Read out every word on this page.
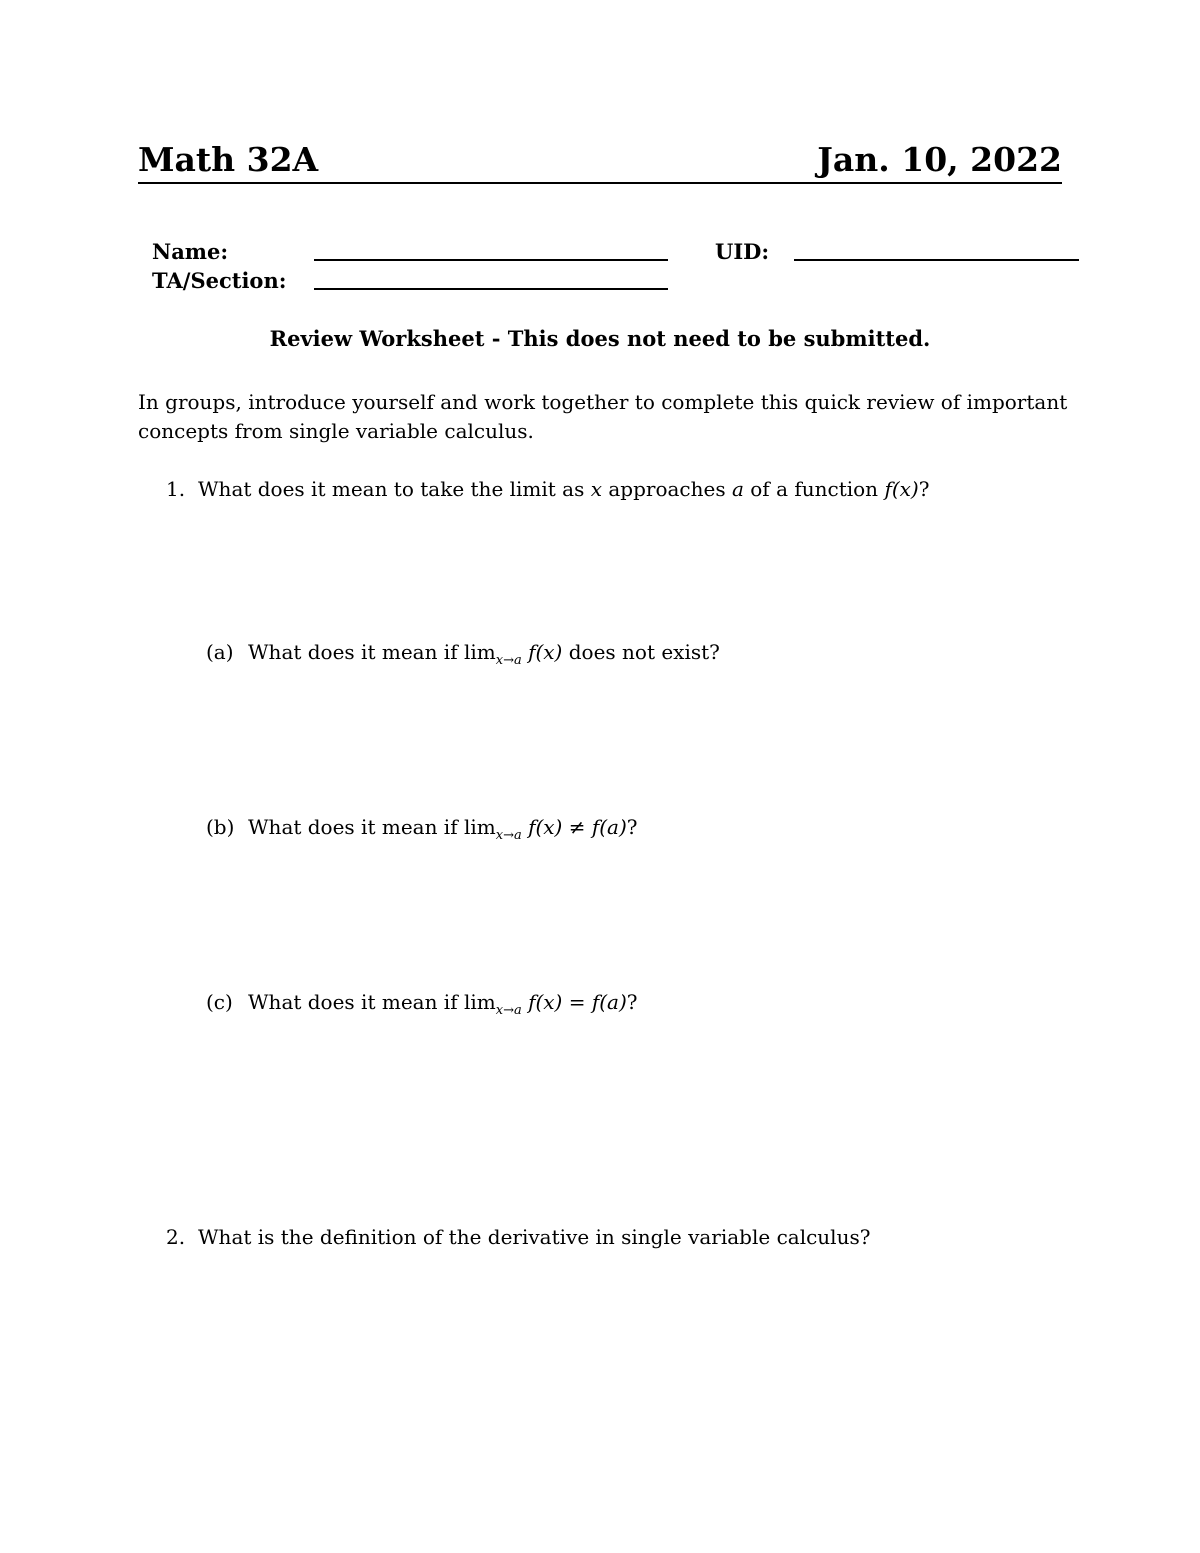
Math 32A	Jan. 10, 2022
Name:	UID:
TA/Section:
Review Worksheet - This does not need to be submitted.
In groups, introduce yourself and work together to complete this quick review of important concepts from single variable calculus.
1. What does it mean to take the limit as x approaches a of a function f(x)?
(a) What does it mean if $\lim_{x\to a} f(x)$ does not exist?
(b) What does it mean if $\lim_{x\to a} f(x) \ne f(a)$?
(c) What does it mean if $\lim_{x\to a} f(x) = f(a)$?
2. What is the definition of the derivative in single variable calculus?
